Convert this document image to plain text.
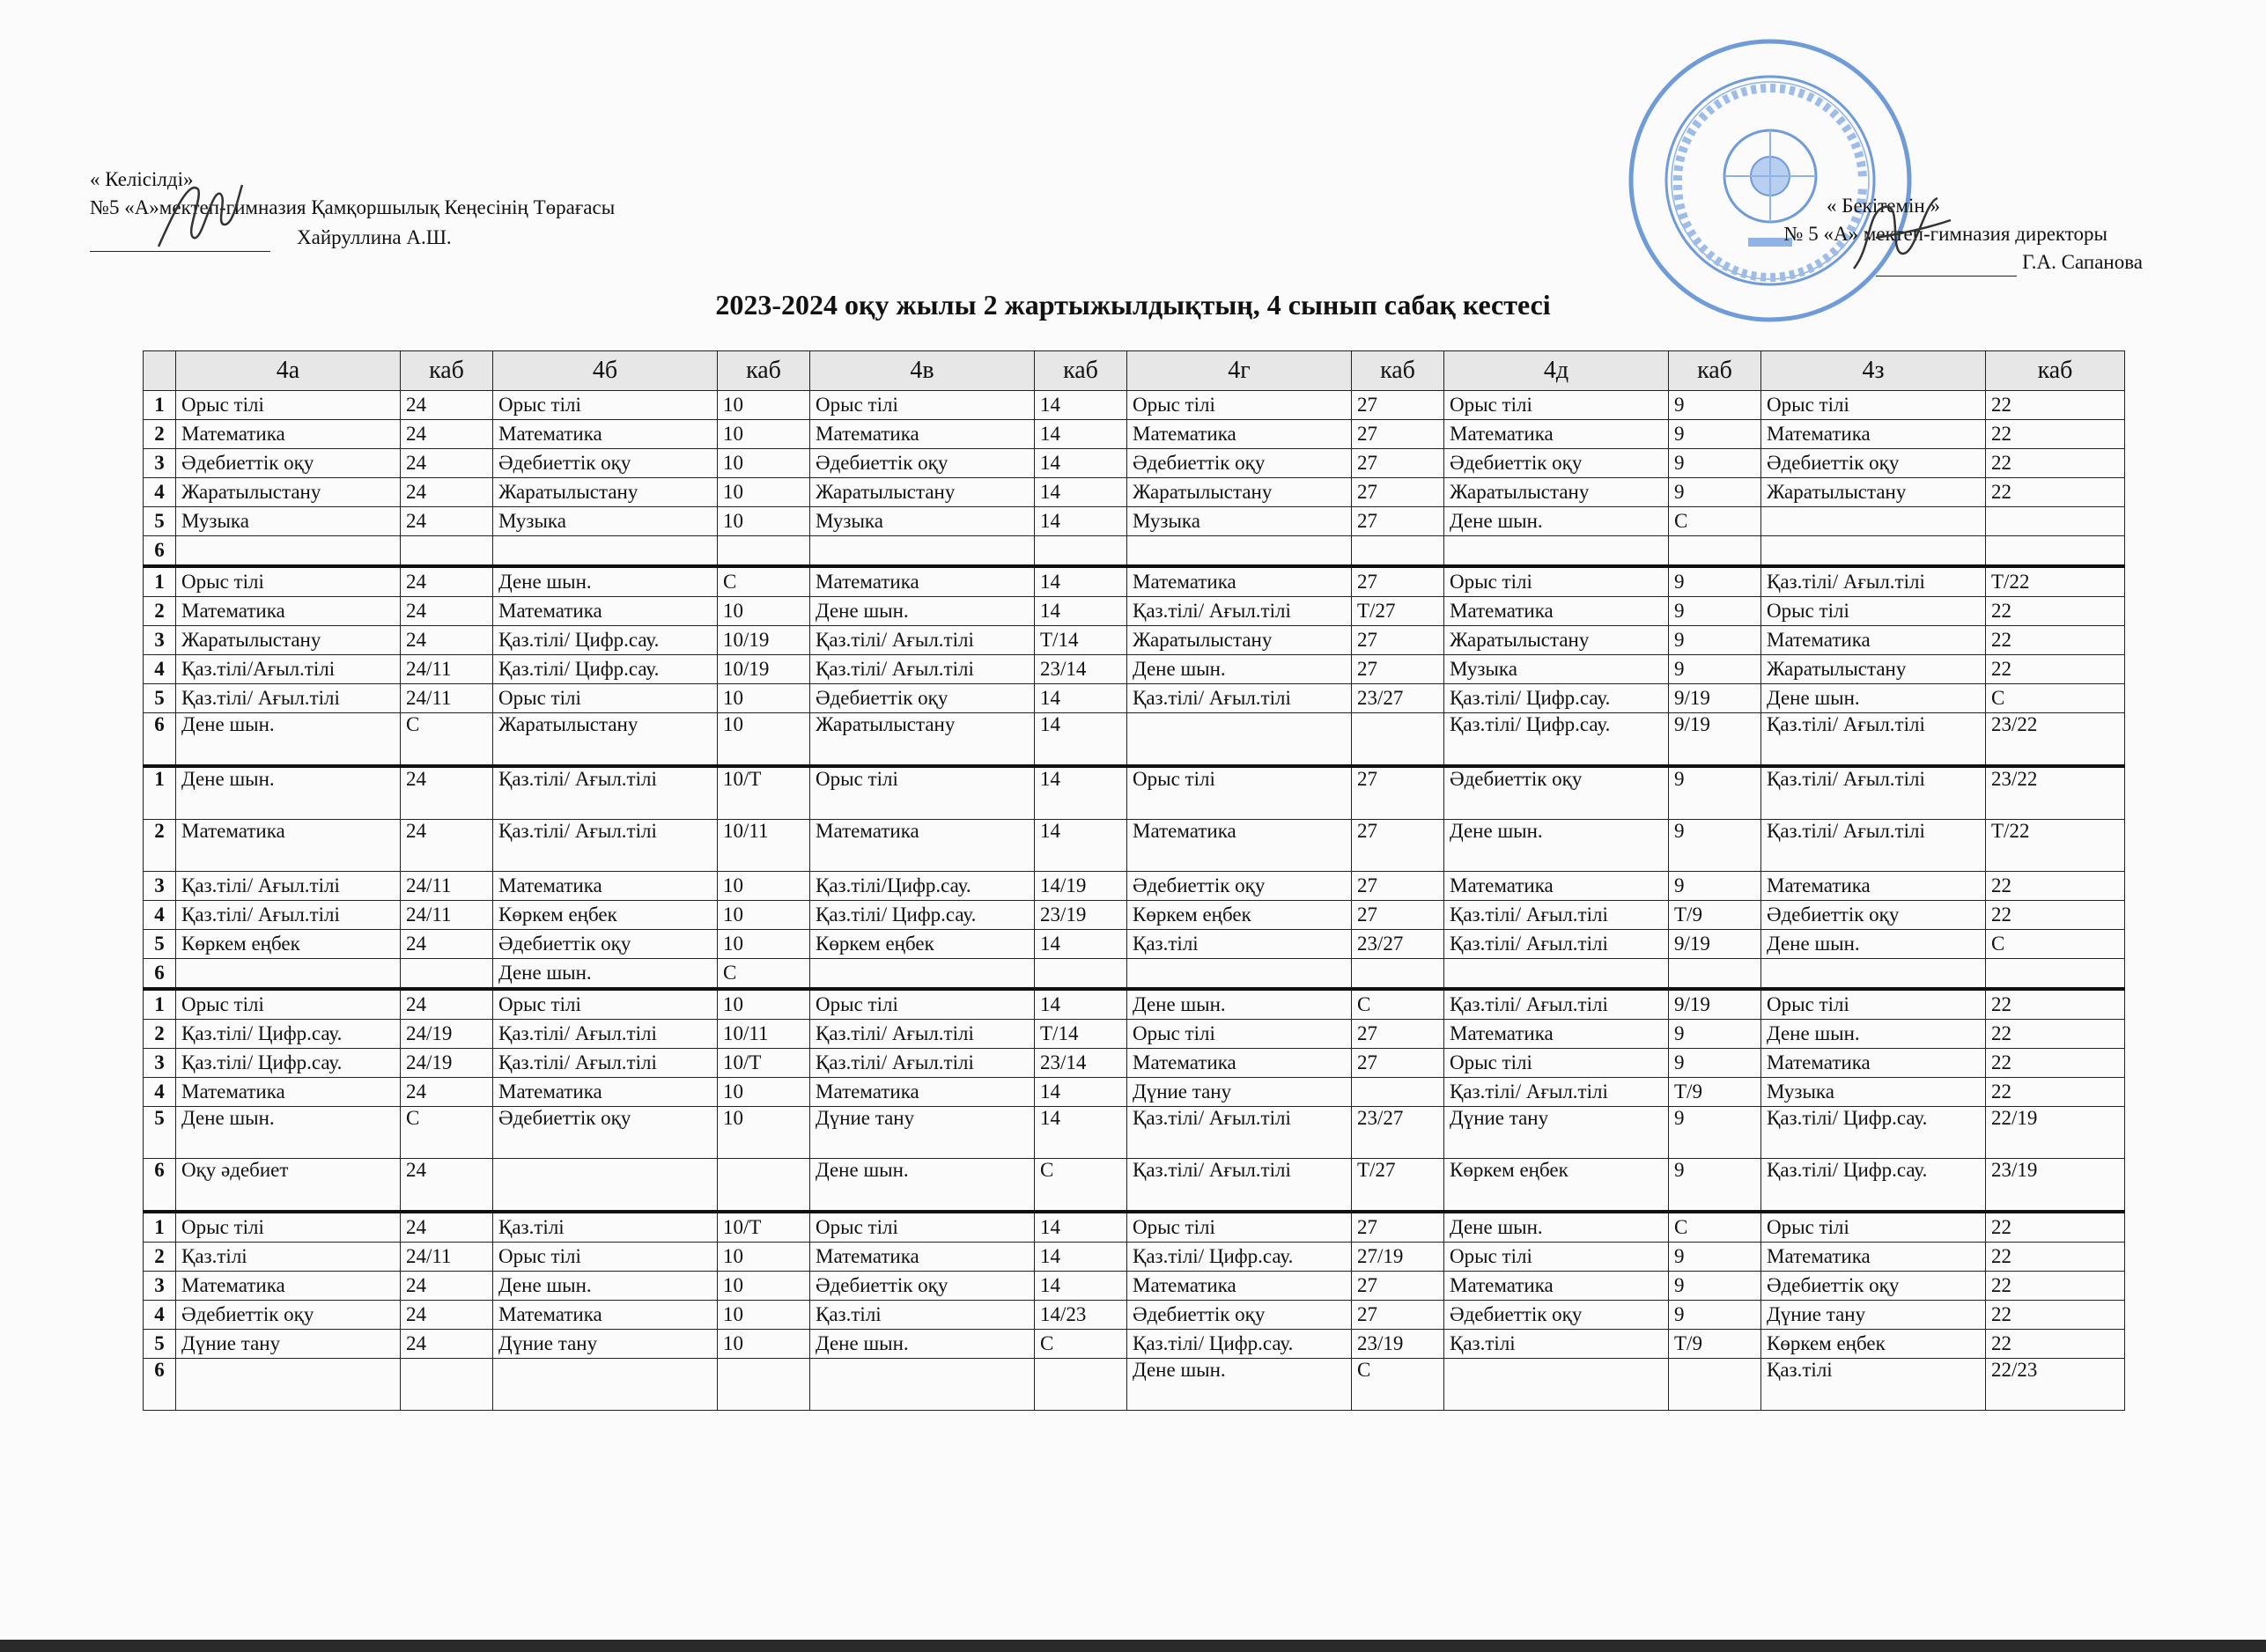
« Келісілді»
№5 «А»мектеп-гимназия Қамқоршылық Кеңесінің Төрағасы
Хайруллина А.Ш.
« Бекітемін »
№ 5 «А» мектеп-гимназия директоры
Г.А. Сапанова
2023-2024 оқу жылы 2 жартыжылдықтың, 4 сынып сабақ кестесі
	4а	каб	4б	каб	4в	каб	4г	каб	4д	каб	4з	каб
1	Орыс тілі	24	Орыс тілі	10	Орыс тілі	14	Орыс тілі	27	Орыс тілі	9	Орыс тілі	22
2	Математика	24	Математика	10	Математика	14	Математика	27	Математика	9	Математика	22
3	Әдебиеттік оқу	24	Әдебиеттік оқу	10	Әдебиеттік оқу	14	Әдебиеттік оқу	27	Әдебиеттік оқу	9	Әдебиеттік оқу	22
4	Жаратылыстану	24	Жаратылыстану	10	Жаратылыстану	14	Жаратылыстану	27	Жаратылыстану	9	Жаратылыстану	22
5	Музыка	24	Музыка	10	Музыка	14	Музыка	27	Дене шын.	С		
6												
1	Орыс тілі	24	Дене шын.	С	Математика	14	Математика	27	Орыс тілі	9	Қаз.тілі/ Ағыл.тілі	Т/22
2	Математика	24	Математика	10	Дене шын.	14	Қаз.тілі/ Ағыл.тілі	Т/27	Математика	9	Орыс тілі	22
3	Жаратылыстану	24	Қаз.тілі/ Цифр.сау.	10/19	Қаз.тілі/ Ағыл.тілі	Т/14	Жаратылыстану	27	Жаратылыстану	9	Математика	22
4	Қаз.тілі/Ағыл.тілі	24/11	Қаз.тілі/ Цифр.сау.	10/19	Қаз.тілі/ Ағыл.тілі	23/14	Дене шын.	27	Музыка	9	Жаратылыстану	22
5	Қаз.тілі/ Ағыл.тілі	24/11	Орыс тілі	10	Әдебиеттік оқу	14	Қаз.тілі/ Ағыл.тілі	23/27	Қаз.тілі/ Цифр.сау.	9/19	Дене шын.	С
6	Дене шын.	С	Жаратылыстану	10	Жаратылыстану	14			Қаз.тілі/ Цифр.сау.	9/19	Қаз.тілі/ Ағыл.тілі	23/22
1	Дене шын.	24	Қаз.тілі/ Ағыл.тілі	10/Т	Орыс тілі	14	Орыс тілі	27	Әдебиеттік оқу	9	Қаз.тілі/ Ағыл.тілі	23/22
2	Математика	24	Қаз.тілі/ Ағыл.тілі	10/11	Математика	14	Математика	27	Дене шын.	9	Қаз.тілі/ Ағыл.тілі	Т/22
3	Қаз.тілі/ Ағыл.тілі	24/11	Математика	10	Қаз.тілі/Цифр.сау.	14/19	Әдебиеттік оқу	27	Математика	9	Математика	22
4	Қаз.тілі/ Ағыл.тілі	24/11	Көркем еңбек	10	Қаз.тілі/ Цифр.сау.	23/19	Көркем еңбек	27	Қаз.тілі/ Ағыл.тілі	Т/9	Әдебиеттік оқу	22
5	Көркем еңбек	24	Әдебиеттік оқу	10	Көркем еңбек	14	Қаз.тілі	23/27	Қаз.тілі/ Ағыл.тілі	9/19	Дене шын.	С
6			Дене шын.	С								
1	Орыс тілі	24	Орыс тілі	10	Орыс тілі	14	Дене шын.	С	Қаз.тілі/ Ағыл.тілі	9/19	Орыс тілі	22
2	Қаз.тілі/ Цифр.сау.	24/19	Қаз.тілі/ Ағыл.тілі	10/11	Қаз.тілі/ Ағыл.тілі	Т/14	Орыс тілі	27	Математика	9	Дене шын.	22
3	Қаз.тілі/ Цифр.сау.	24/19	Қаз.тілі/ Ағыл.тілі	10/Т	Қаз.тілі/ Ағыл.тілі	23/14	Математика	27	Орыс тілі	9	Математика	22
4	Математика	24	Математика	10	Математика	14	Дүние тану		Қаз.тілі/ Ағыл.тілі	Т/9	Музыка	22
5	Дене шын.	С	Әдебиеттік оқу	10	Дүние тану	14	Қаз.тілі/ Ағыл.тілі	23/27	Дүние тану	9	Қаз.тілі/ Цифр.сау.	22/19
6	Оқу әдебиет	24			Дене шын.	С	Қаз.тілі/ Ағыл.тілі	Т/27	Көркем еңбек	9	Қаз.тілі/ Цифр.сау.	23/19
1	Орыс тілі	24	Қаз.тілі	10/Т	Орыс тілі	14	Орыс тілі	27	Дене шын.	С	Орыс тілі	22
2	Қаз.тілі	24/11	Орыс тілі	10	Математика	14	Қаз.тілі/ Цифр.сау.	27/19	Орыс тілі	9	Математика	22
3	Математика	24	Дене шын.	10	Әдебиеттік оқу	14	Математика	27	Математика	9	Әдебиеттік оқу	22
4	Әдебиеттік оқу	24	Математика	10	Қаз.тілі	14/23	Әдебиеттік оқу	27	Әдебиеттік оқу	9	Дүние тану	22
5	Дүние тану	24	Дүние тану	10	Дене шын.	С	Қаз.тілі/ Цифр.сау.	23/19	Қаз.тілі	Т/9	Көркем еңбек	22
6							Дене шын.	С			Қаз.тілі	22/23
